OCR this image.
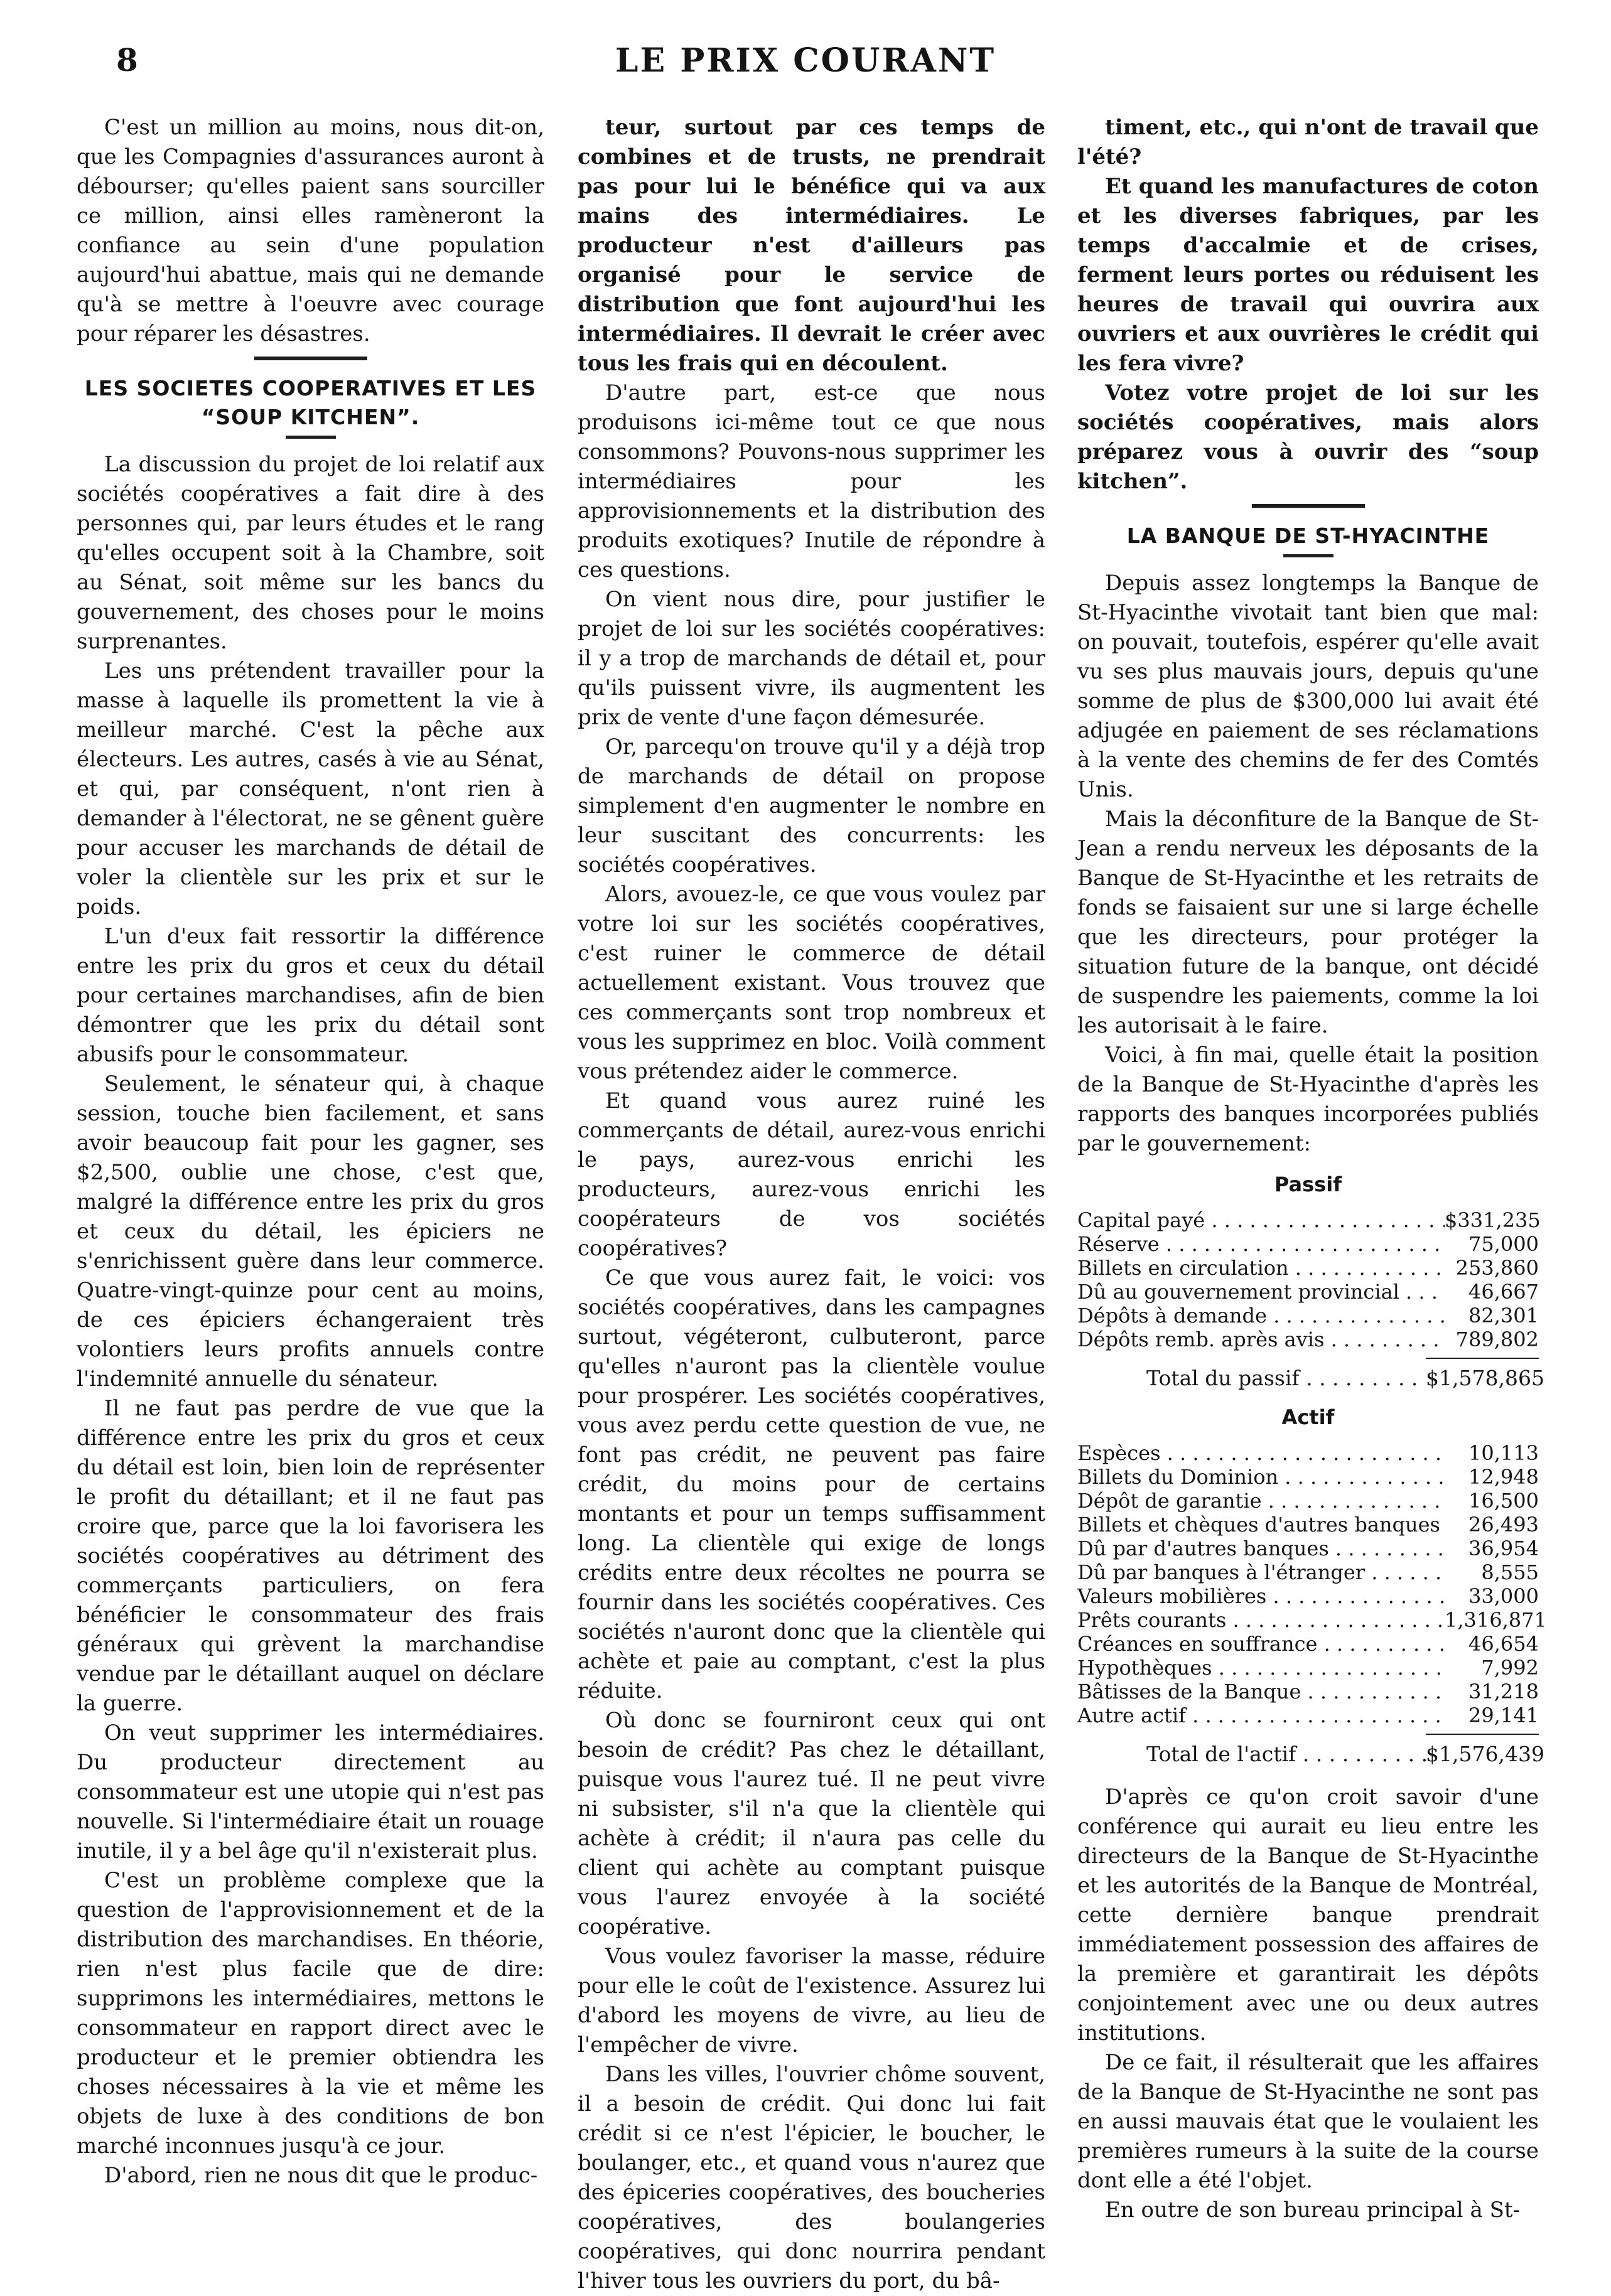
8	LE PRIX COURANT

C'est un million au moins, nous dit-on, que les Compagnies d'assurances auront à débourser; qu'elles paient sans sourciller ce million, ainsi elles ramèneront la confiance au sein d'une population aujourd'hui abattue, mais qui ne demande qu'à se mettre à l'oeuvre avec courage pour réparer les désastres.

LES SOCIETES COOPERATIVES ET LES “SOUP KITCHEN”.

La discussion du projet de loi relatif aux sociétés coopératives a fait dire à des personnes qui, par leurs études et le rang qu'elles occupent soit à la Chambre, soit au Sénat, soit même sur les bancs du gouvernement, des choses pour le moins surprenantes.

Les uns prétendent travailler pour la masse à laquelle ils promettent la vie à meilleur marché. C'est la pêche aux électeurs. Les autres, casés à vie au Sénat, et qui, par conséquent, n'ont rien à demander à l'électorat, ne se gênent guère pour accuser les marchands de détail de voler la clientèle sur les prix et sur le poids.

L'un d'eux fait ressortir la différence entre les prix du gros et ceux du détail pour certaines marchandises, afin de bien démontrer que les prix du détail sont abusifs pour le consommateur.

Seulement, le sénateur qui, à chaque session, touche bien facilement, et sans avoir beaucoup fait pour les gagner, ses $2,500, oublie une chose, c'est que, malgré la différence entre les prix du gros et ceux du détail, les épiciers ne s'enrichissent guère dans leur commerce. Quatre-vingt-quinze pour cent au moins, de ces épiciers échangeraient très volontiers leurs profits annuels contre l'indemnité annuelle du sénateur.

Il ne faut pas perdre de vue que la différence entre les prix du gros et ceux du détail est loin, bien loin de représenter le profit du détaillant; et il ne faut pas croire que, parce que la loi favorisera les sociétés coopératives au détriment des commerçants particuliers, on fera bénéficier le consommateur des frais généraux qui grèvent la marchandise vendue par le détaillant auquel on déclare la guerre.

On veut supprimer les intermédiaires. Du producteur directement au consommateur est une utopie qui n'est pas nouvelle. Si l'intermédiaire était un rouage inutile, il y a bel âge qu'il n'existerait plus.

C'est un problème complexe que la question de l'approvisionnement et de la distribution des marchandises. En théorie, rien n'est plus facile que de dire: supprimons les intermédiaires, mettons le consommateur en rapport direct avec le producteur et le premier obtiendra les choses nécessaires à la vie et même les objets de luxe à des conditions de bon marché inconnues jusqu'à ce jour.

D'abord, rien ne nous dit que le produc-

teur, surtout par ces temps de combines et de trusts, ne prendrait pas pour lui le bénéfice qui va aux mains des intermédiaires. Le producteur n'est d'ailleurs pas organisé pour le service de distribution que font aujourd'hui les intermédiaires. Il devrait le créer avec tous les frais qui en découlent.

D'autre part, est-ce que nous produisons ici-même tout ce que nous consommons? Pouvons-nous supprimer les intermédiaires pour les approvisionnements et la distribution des produits exotiques? Inutile de répondre à ces questions.

On vient nous dire, pour justifier le projet de loi sur les sociétés coopératives: il y a trop de marchands de détail et, pour qu'ils puissent vivre, ils augmentent les prix de vente d'une façon démesurée.

Or, parcequ'on trouve qu'il y a déjà trop de marchands de détail on propose simplement d'en augmenter le nombre en leur suscitant des concurrents: les sociétés coopératives.

Alors, avouez-le, ce que vous voulez par votre loi sur les sociétés coopératives, c'est ruiner le commerce de détail actuellement existant. Vous trouvez que ces commerçants sont trop nombreux et vous les supprimez en bloc. Voilà comment vous prétendez aider le commerce.

Et quand vous aurez ruiné les commerçants de détail, aurez-vous enrichi le pays, aurez-vous enrichi les producteurs, aurez-vous enrichi les coopérateurs de vos sociétés coopératives?

Ce que vous aurez fait, le voici: vos sociétés coopératives, dans les campagnes surtout, végéteront, culbuteront, parce qu'elles n'auront pas la clientèle voulue pour prospérer. Les sociétés coopératives, vous avez perdu cette question de vue, ne font pas crédit, ne peuvent pas faire crédit, du moins pour de certains montants et pour un temps suffisamment long. La clientèle qui exige de longs crédits entre deux récoltes ne pourra se fournir dans les sociétés coopératives. Ces sociétés n'auront donc que la clientèle qui achète et paie au comptant, c'est la plus réduite.

Où donc se fourniront ceux qui ont besoin de crédit? Pas chez le détaillant, puisque vous l'aurez tué. Il ne peut vivre ni subsister, s'il n'a que la clientèle qui achète à crédit; il n'aura pas celle du client qui achète au comptant puisque vous l'aurez envoyée à la société coopérative.

Vous voulez favoriser la masse, réduire pour elle le coût de l'existence. Assurez lui d'abord les moyens de vivre, au lieu de l'empêcher de vivre.

Dans les villes, l'ouvrier chôme souvent, il a besoin de crédit. Qui donc lui fait crédit si ce n'est l'épicier, le boucher, le boulanger, etc., et quand vous n'aurez que des épiceries coopératives, des boucheries coopératives, des boulangeries coopératives, qui donc nourrira pendant l'hiver tous les ouvriers du port, du bâ-

timent, etc., qui n'ont de travail que l'été?

Et quand les manufactures de coton et les diverses fabriques, par les temps d'accalmie et de crises, ferment leurs portes ou réduisent les heures de travail qui ouvrira aux ouvriers et aux ouvrières le crédit qui les fera vivre?

Votez votre projet de loi sur les sociétés coopératives, mais alors préparez vous à ouvrir des “soup kitchen”.

LA BANQUE DE ST-HYACINTHE

Depuis assez longtemps la Banque de St-Hyacinthe vivotait tant bien que mal: on pouvait, toutefois, espérer qu'elle avait vu ses plus mauvais jours, depuis qu'une somme de plus de $300,000 lui avait été adjugée en paiement de ses réclamations à la vente des chemins de fer des Comtés Unis.

Mais la déconfiture de la Banque de St-Jean a rendu nerveux les déposants de la Banque de St-Hyacinthe et les retraits de fonds se faisaient sur une si large échelle que les directeurs, pour protéger la situation future de la banque, ont décidé de suspendre les paiements, comme la loi les autorisait à le faire.

Voici, à fin mai, quelle était la position de la Banque de St-Hyacinthe d'après les rapports des banques incorporées publiés par le gouvernement:

Passif
Capital payé . . .	$331,235
Réserve . . .	75,000
Billets en circulation . . .	253,860
Dû au gouvernement provincial . . .	46,667
Dépôts à demande . . .	82,301
Dépôts remb. après avis . . .	789,802
Total du passif . . .	$1,578,865
Actif
Espèces . . .	10,113
Billets du Dominion . . .	12,948
Dépôt de garantie . . .	16,500
Billets et chèques d'autres banques . . .	26,493
Dû par d'autres banques . . .	36,954
Dû par banques à l'étranger . . .	8,555
Valeurs mobilières . . .	33,000
Prêts courants . . .	1,316,871
Créances en souffrance . . .	46,654
Hypothèques . . .	7,992
Bâtisses de la Banque . . .	31,218
Autre actif . . .	29,141
Total de l'actif . . .	$1,576,439

D'après ce qu'on croit savoir d'une conférence qui aurait eu lieu entre les directeurs de la Banque de St-Hyacinthe et les autorités de la Banque de Montréal, cette dernière banque prendrait immédiatement possession des affaires de la première et garantirait les dépôts conjointement avec une ou deux autres institutions.

De ce fait, il résulterait que les affaires de la Banque de St-Hyacinthe ne sont pas en aussi mauvais état que le voulaient les premières rumeurs à la suite de la course dont elle a été l'objet.

En outre de son bureau principal à St-
